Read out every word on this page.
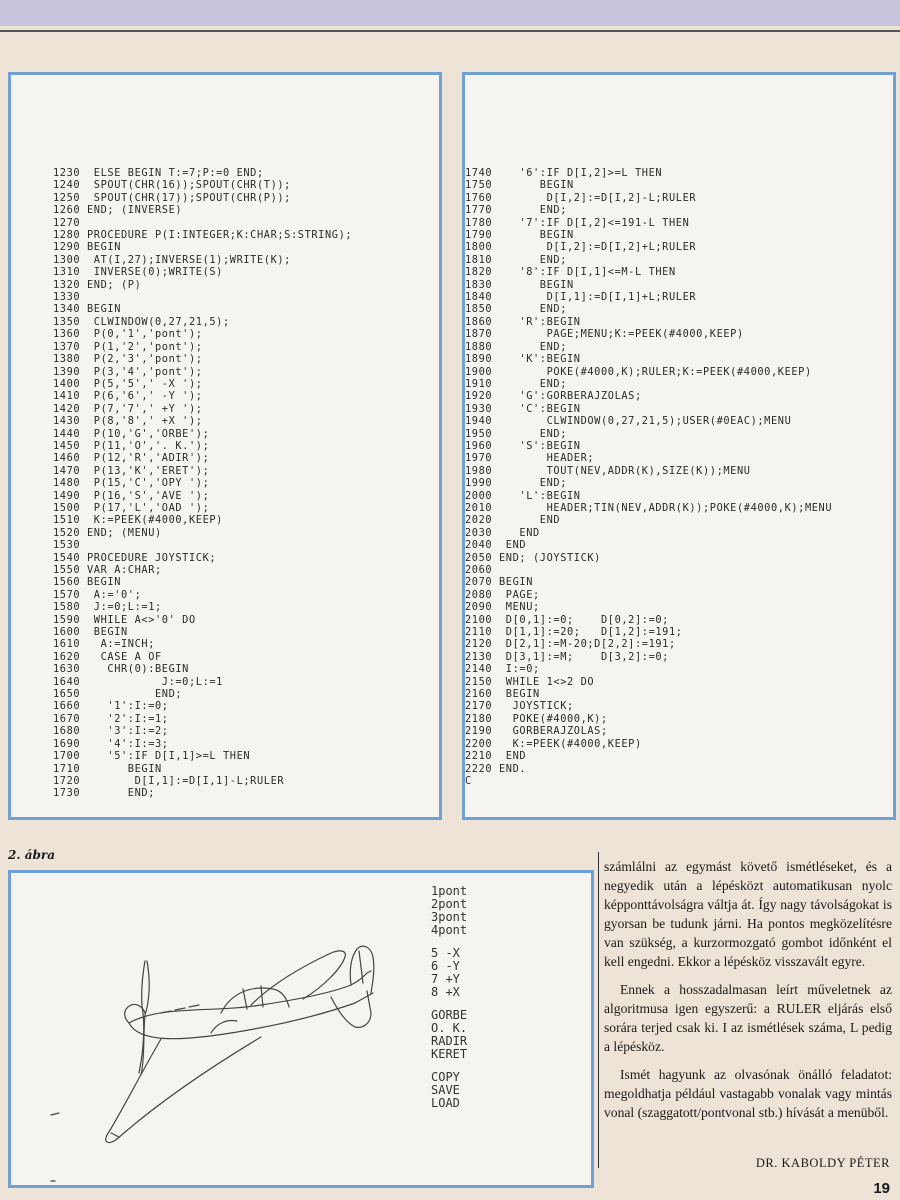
1230  ELSE BEGIN T:=7;P:=0 END;
1240  SPOUT(CHR(16));SPOUT(CHR(T));
1250  SPOUT(CHR(17));SPOUT(CHR(P));
1260 END; (INVERSE)
1270
1280 PROCEDURE P(I:INTEGER;K:CHAR;S:STRING);
1290 BEGIN
1300  AT(I,27);INVERSE(1);WRITE(K);
1310  INVERSE(0);WRITE(S)
1320 END; (P)
1330
1340 BEGIN
1350  CLWINDOW(0,27,21,5);
1360  P(0,'1','pont');
1370  P(1,'2','pont');
1380  P(2,'3','pont');
1390  P(3,'4','pont');
1400  P(5,'5',' -X ');
1410  P(6,'6',' -Y ');
1420  P(7,'7',' +Y ');
1430  P(8,'8',' +X ');
1440  P(10,'G','ORBE');
1450  P(11,'O','. K.');
1460  P(12,'R','ADIR');
1470  P(13,'K','ERET');
1480  P(15,'C','OPY ');
1490  P(16,'S','AVE ');
1500  P(17,'L','OAD ');
1510  K:=PEEK(#4000,KEEP)
1520 END; (MENU)
1530
1540 PROCEDURE JOYSTICK;
1550 VAR A:CHAR;
1560 BEGIN
1570  A:='0';
1580  J:=0;L:=1;
1590  WHILE A<>'0' DO
1600  BEGIN
1610   A:=INCH;
1620   CASE A OF
1630    CHR(0):BEGIN
1640            J:=0;L:=1
1650           END;
1660    '1':I:=0;
1670    '2':I:=1;
1680    '3':I:=2;
1690    '4':I:=3;
1700    '5':IF D[I,1]>=L THEN
1710       BEGIN
1720        D[I,1]:=D[I,1]-L;RULER
1730       END;

1740    '6':IF D[I,2]>=L THEN
1750       BEGIN
1760        D[I,2]:=D[I,2]-L;RULER
1770       END;
1780    '7':IF D[I,2]<=191-L THEN
1790       BEGIN
1800        D[I,2]:=D[I,2]+L;RULER
1810       END;
1820    '8':IF D[I,1]<=M-L THEN
1830       BEGIN
1840        D[I,1]:=D[I,1]+L;RULER
1850       END;
1860    'R':BEGIN
1870        PAGE;MENU;K:=PEEK(#4000,KEEP)
1880       END;
1890    'K':BEGIN
1900        POKE(#4000,K);RULER;K:=PEEK(#4000,KEEP)
1910       END;
1920    'G':GORBERAJZOLAS;
1930    'C':BEGIN
1940        CLWINDOW(0,27,21,5);USER(#0EAC);MENU
1950       END;
1960    'S':BEGIN
1970        HEADER;
1980        TOUT(NEV,ADDR(K),SIZE(K));MENU
1990       END;
2000    'L':BEGIN
2010        HEADER;TIN(NEV,ADDR(K));POKE(#4000,K);MENU
2020       END
2030    END
2040  END
2050 END; (JOYSTICK)
2060
2070 BEGIN
2080  PAGE;
2090  MENU;
2100  D[0,1]:=0;    D[0,2]:=0;
2110  D[1,1]:=20;   D[1,2]:=191;
2120  D[2,1]:=M-20;D[2,2]:=191;
2130  D[3,1]:=M;    D[3,2]:=0;
2140  I:=0;
2150  WHILE 1<>2 DO
2160  BEGIN
2170   JOYSTICK;
2180   POKE(#4000,K);
2190   GORBERAJZOLAS;
2200   K:=PEEK(#4000,KEEP)
2210  END
2220 END.
C

2. ábra
1pont
2pont
3pont
4pont
5 -X
6 -Y
7 +Y
8 +X
GORBE
O. K.
RADIR
KERET
COPY
SAVE
LOAD

számlálni az egymást követő ismétléseket, és a negyedik után a lépésközt automatikusan nyolc képponttávolságra váltja át. Így nagy távolságokat is gyorsan be tudunk járni. Ha pontos megközelítésre van szükség, a kurzormozgató gombot időnként el kell engedni. Ekkor a lépésköz visszavált egyre.

Ennek a hosszadalmasan leírt műveletnek az algoritmusa igen egyszerű: a RULER eljárás első sorára terjed csak ki. I az ismétlések száma, L pedig a lépésköz.

Ismét hagyunk az olvasónak önálló feladatot: megoldhatja például vastagabb vonalak vagy mintás vonal (szaggatott/pontvonal stb.) hívását a menüből.

DR. KABOLDY PÉTER
19
